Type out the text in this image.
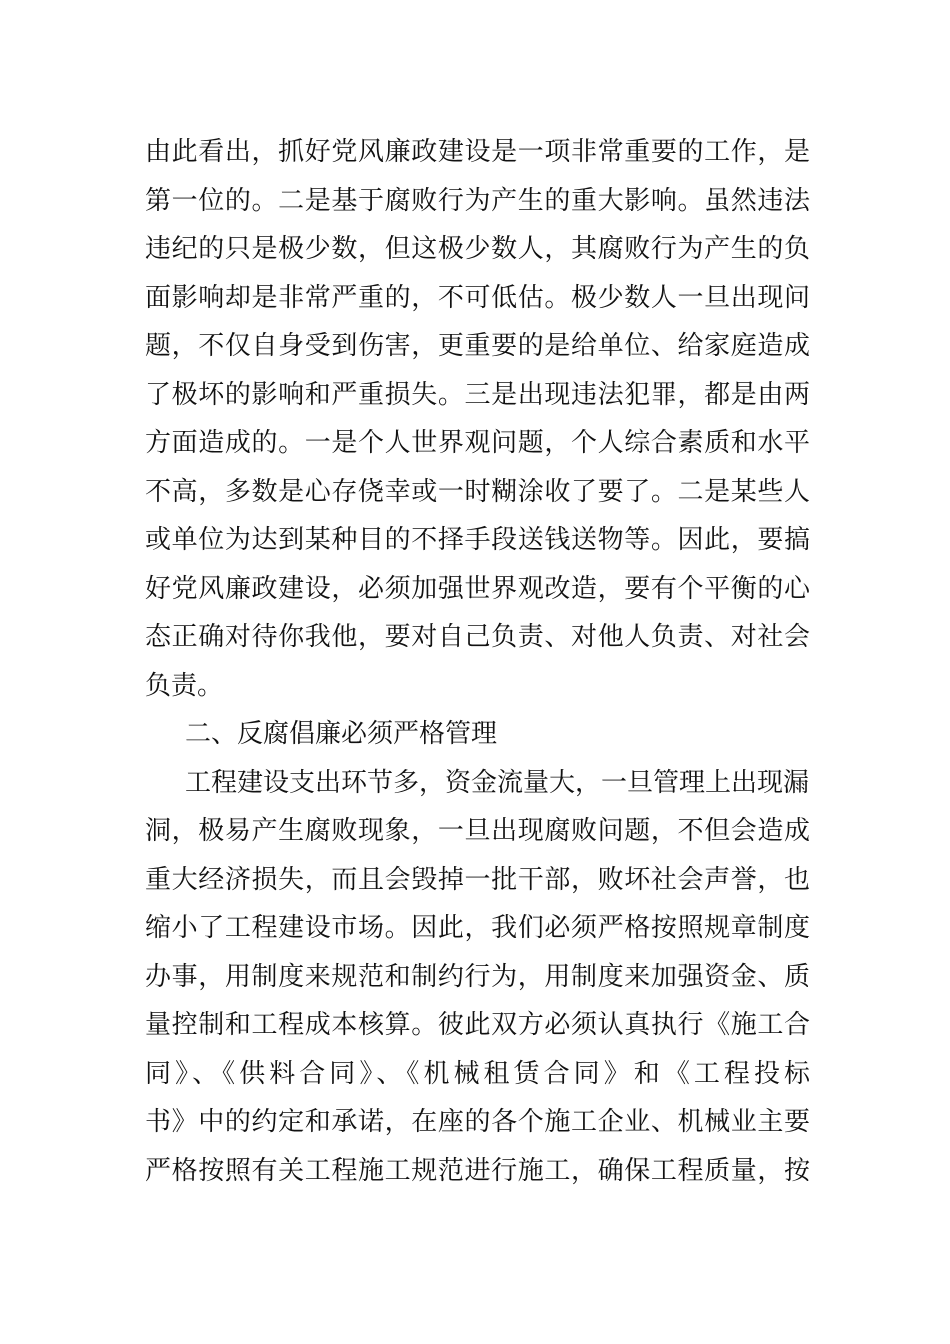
由此看出，抓好党风廉政建设是一项非常重要的工作，是
第一位的。二是基于腐败行为产生的重大影响。虽然违法
违纪的只是极少数，但这极少数人，其腐败行为产生的负
面影响却是非常严重的，不可低估。极少数人一旦出现问
题，不仅自身受到伤害，更重要的是给单位、给家庭造成
了极坏的影响和严重损失。三是出现违法犯罪，都是由两
方面造成的。一是个人世界观问题，个人综合素质和水平
不高，多数是心存侥幸或一时糊涂收了要了。二是某些人
或单位为达到某种目的不择手段送钱送物等。因此，要搞
好党风廉政建设，必须加强世界观改造，要有个平衡的心
态正确对待你我他，要对自己负责、对他人负责、对社会
负责。
二、反腐倡廉必须严格管理
工程建设支出环节多，资金流量大，一旦管理上出现漏
洞，极易产生腐败现象，一旦出现腐败问题，不但会造成
重大经济损失，而且会毁掉一批干部，败坏社会声誉，也
缩小了工程建设市场。因此，我们必须严格按照规章制度
办事，用制度来规范和制约行为，用制度来加强资金、质
量控制和工程成本核算。彼此双方必须认真执行《施工合
同》、《供料合同》、《机械租赁合同》和《工程投标
书》中的约定和承诺，在座的各个施工企业、机械业主要
严格按照有关工程施工规范进行施工，确保工程质量，按
